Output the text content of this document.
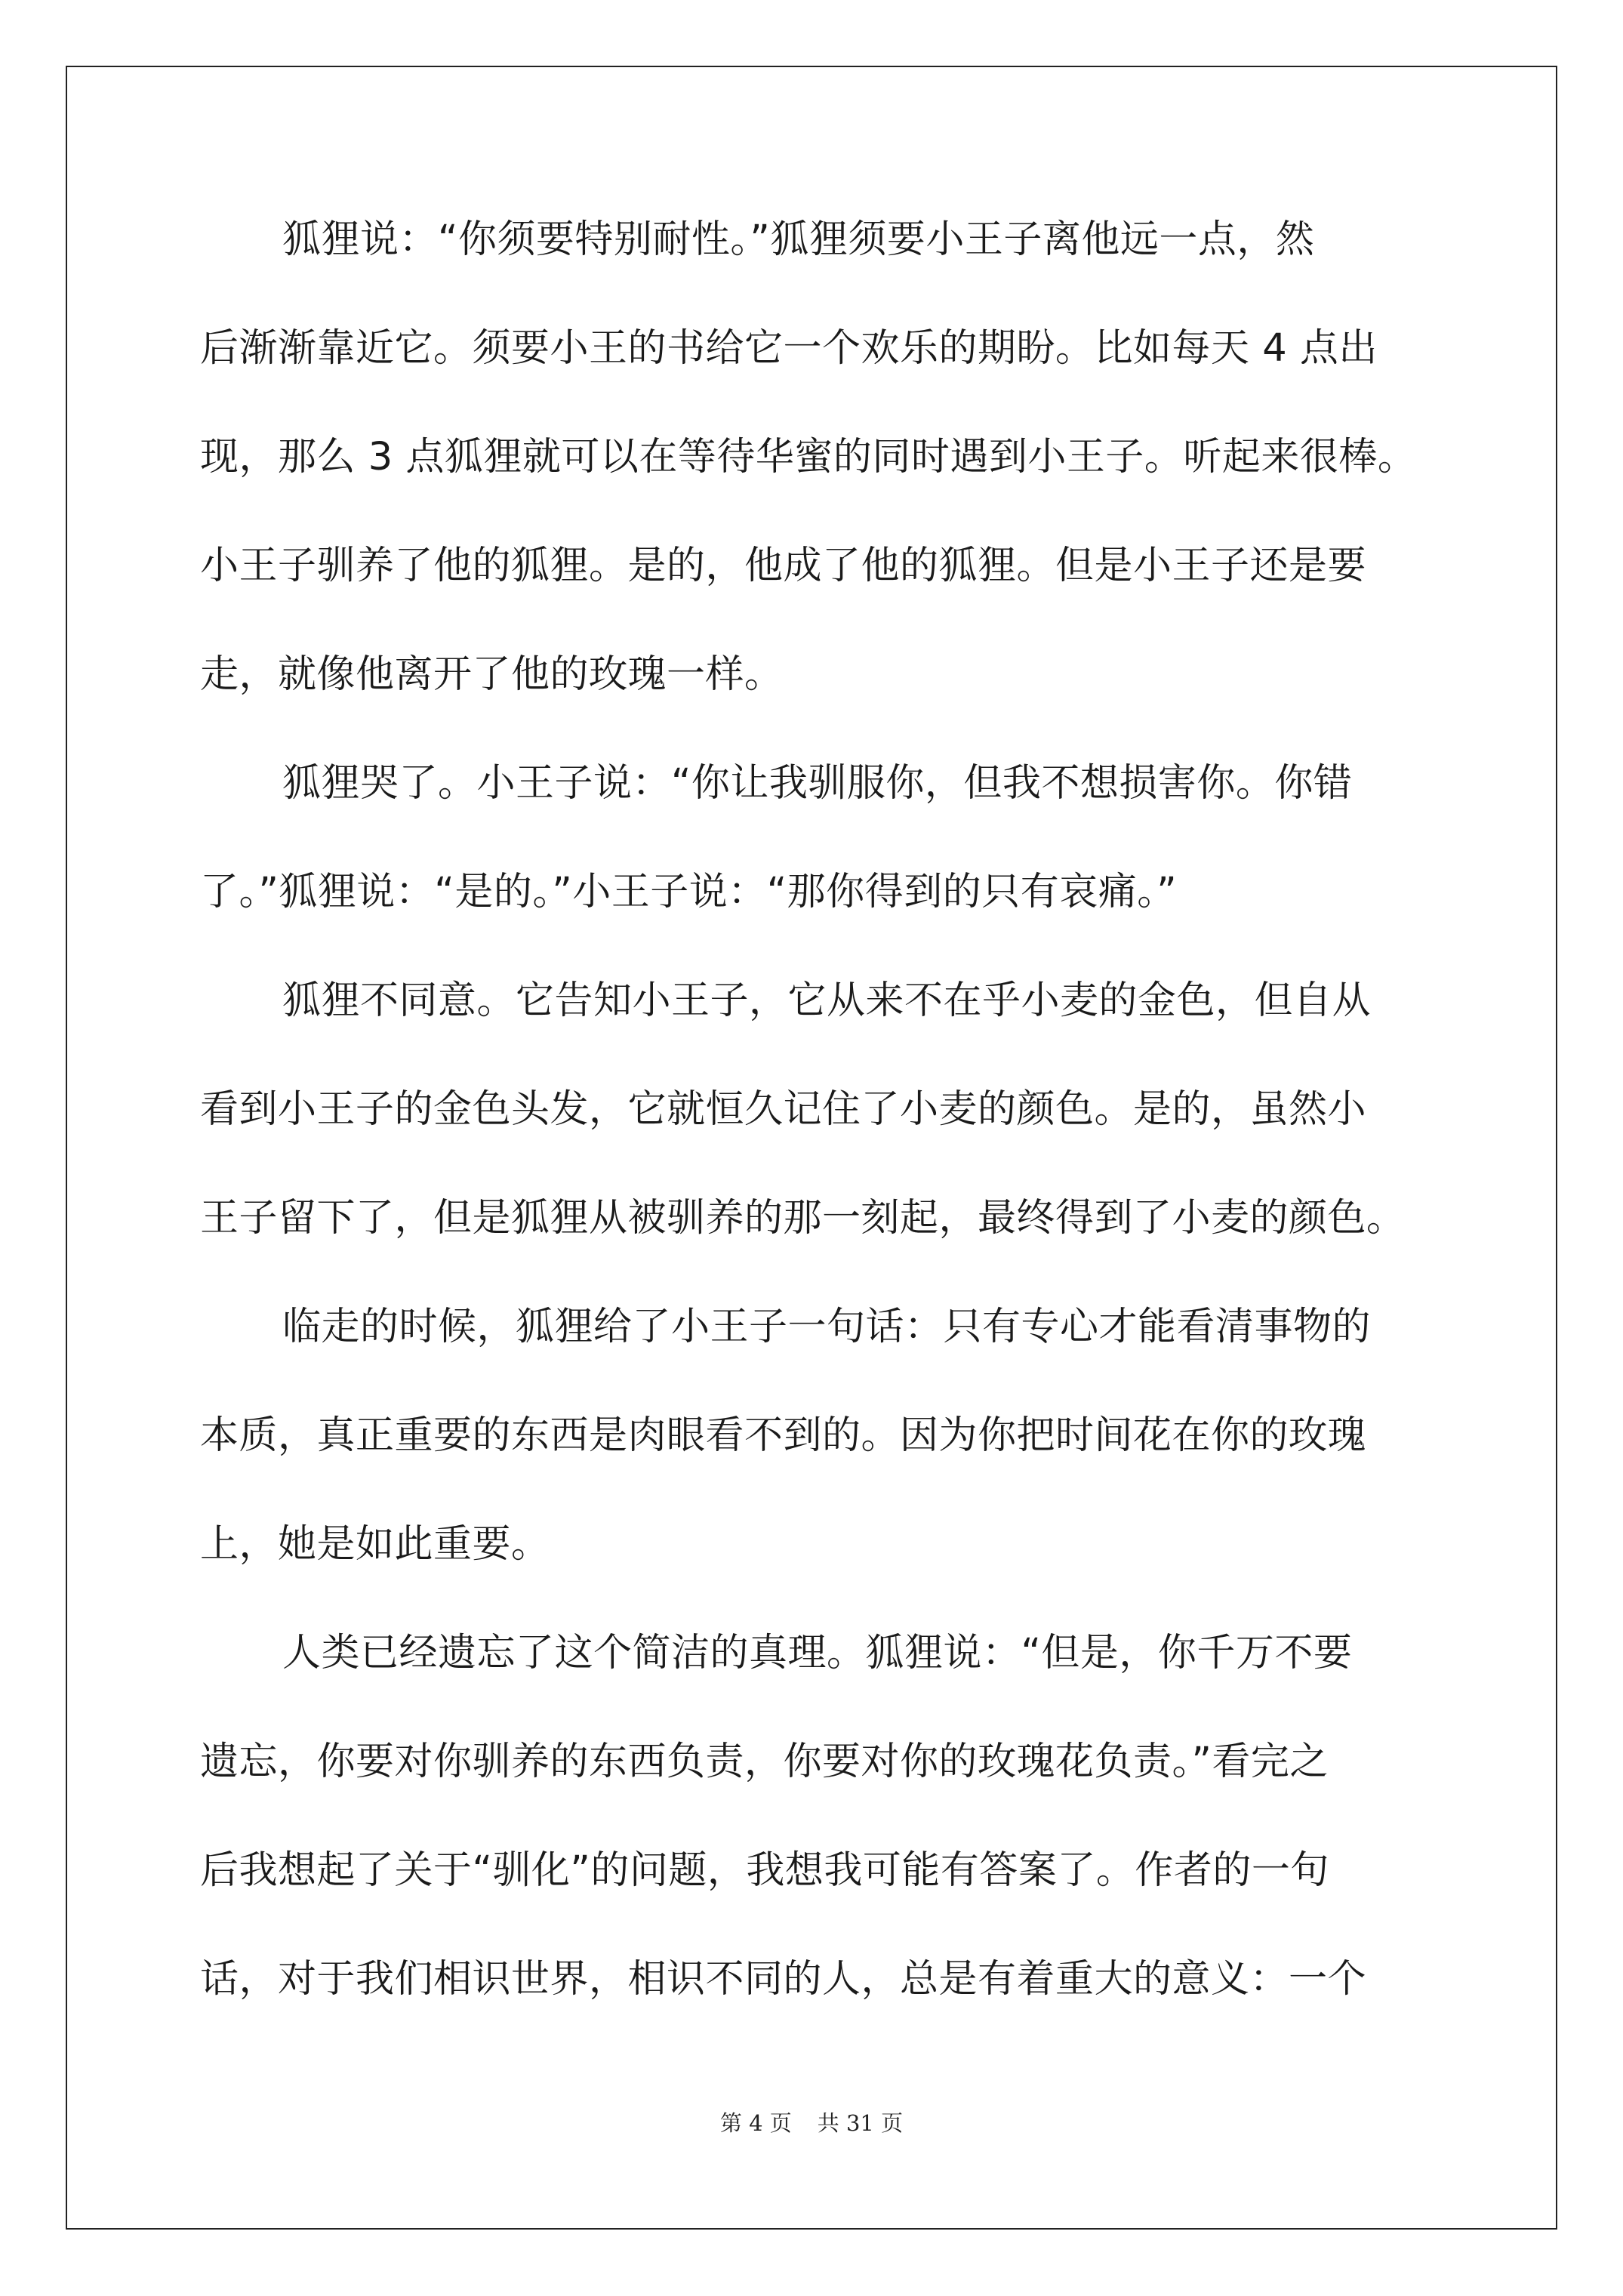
狐狸说：“你须要特别耐性。”狐狸须要小王子离他远一点，然

后渐渐靠近它。须要小王的书给它一个欢乐的期盼。比如每天 4 点出

现，那么 3 点狐狸就可以在等待华蜜的同时遇到小王子。听起来很棒。

小王子驯养了他的狐狸。是的，他成了他的狐狸。但是小王子还是要

走，就像他离开了他的玫瑰一样。

狐狸哭了。小王子说：“你让我驯服你，但我不想损害你。你错

了。”狐狸说：“是的。”小王子说：“那你得到的只有哀痛。”

狐狸不同意。它告知小王子，它从来不在乎小麦的金色，但自从

看到小王子的金色头发，它就恒久记住了小麦的颜色。是的，虽然小

王子留下了，但是狐狸从被驯养的那一刻起，最终得到了小麦的颜色。

临走的时候，狐狸给了小王子一句话：只有专心才能看清事物的

本质，真正重要的东西是肉眼看不到的。因为你把时间花在你的玫瑰

上，她是如此重要。

人类已经遗忘了这个简洁的真理。狐狸说：“但是，你千万不要

遗忘，你要对你驯养的东西负责，你要对你的玫瑰花负责。”看完之

后我想起了关于“驯化”的问题，我想我可能有答案了。作者的一句

话，对于我们相识世界，相识不同的人，总是有着重大的意义：一个

第 4 页 共 31 页
